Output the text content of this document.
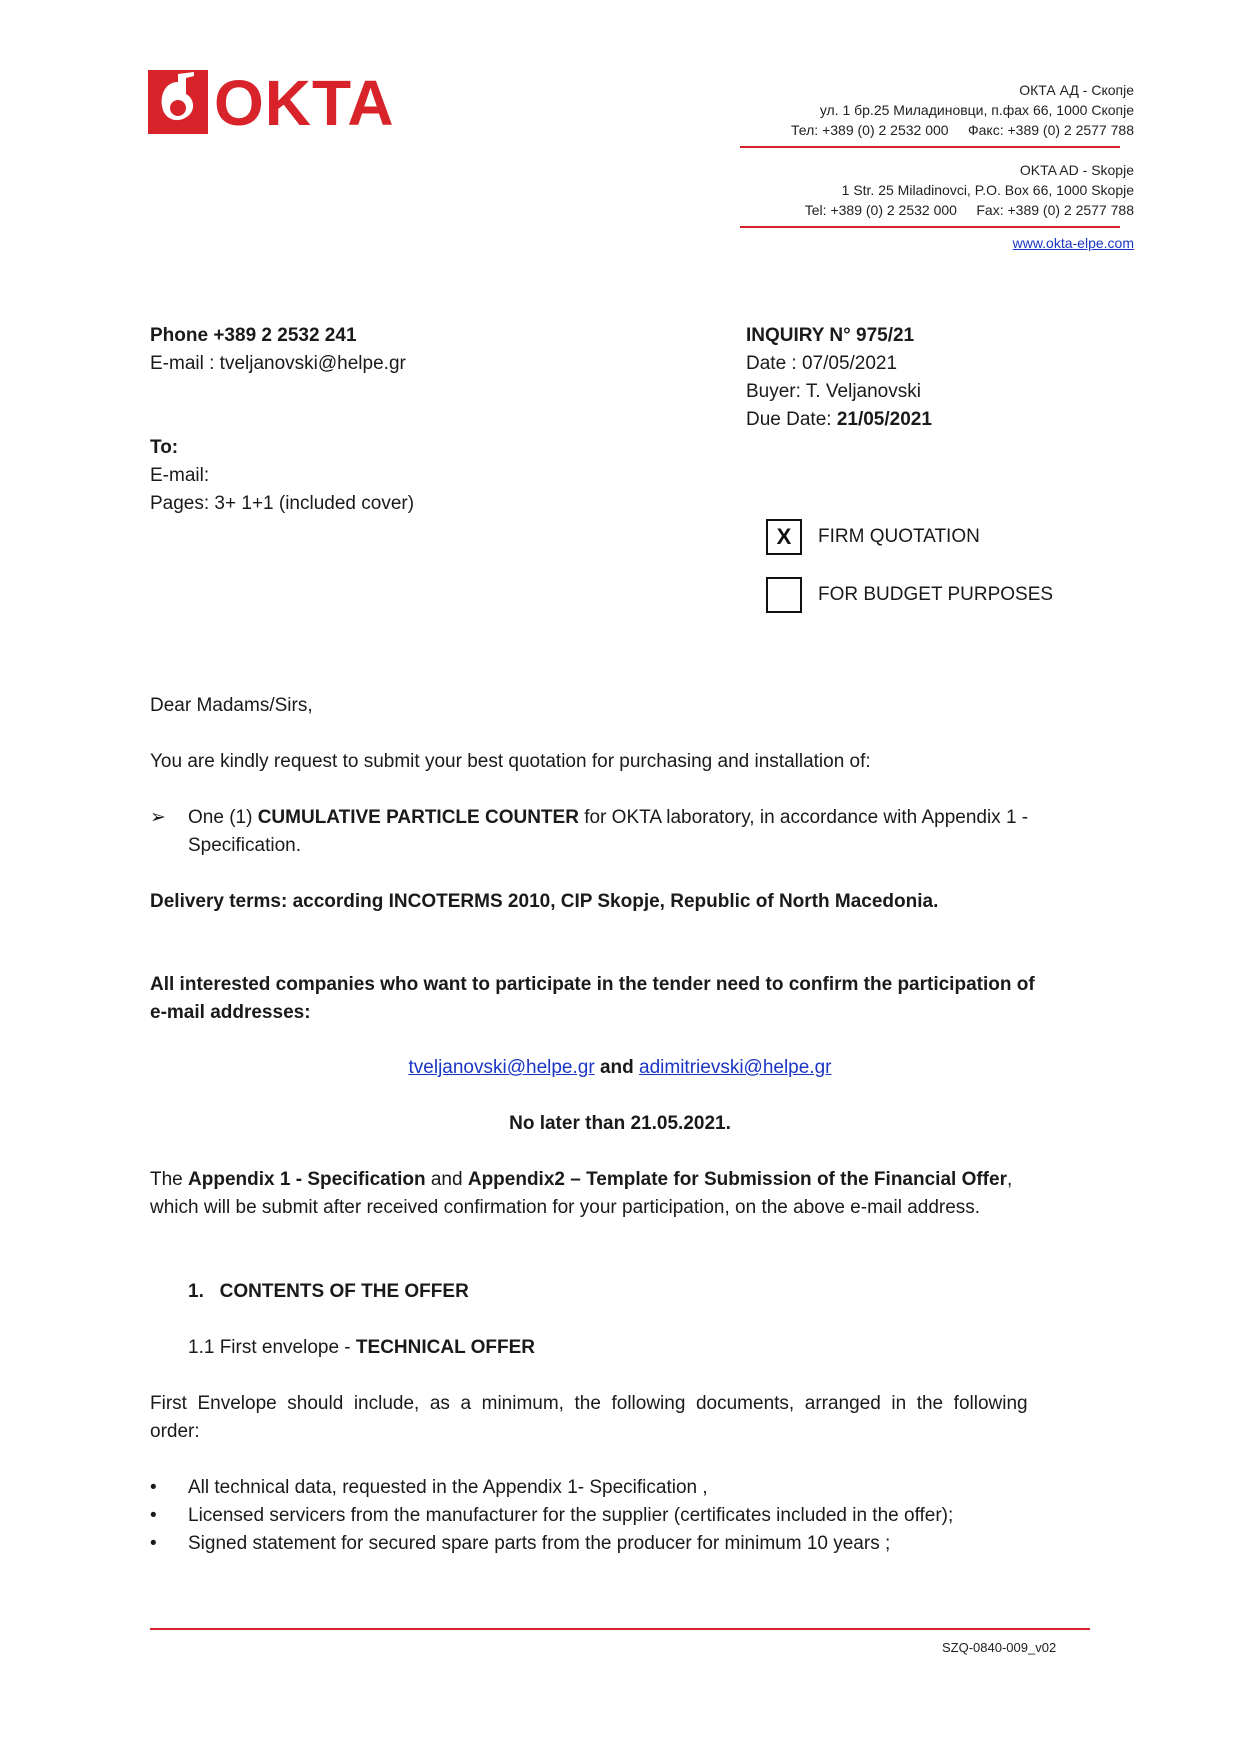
OKTA	ОКТА АД - Скопје
ул. 1 бр.25 Миладиновци, п.фах 66, 1000 Скопје
Тел: +389 (0) 2 2532 000     Факс: +389 (0) 2 2577 788
OKTA AD - Skopje
1 Str. 25 Miladinovci, P.O. Box 66, 1000 Skopje
Tel: +389 (0) 2 2532 000     Fax: +389 (0) 2 2577 788
www.okta-elpe.com
Phone +389 2 2532 241
E-mail : tveljanovski@helpe.gr
INQUIRY N° 975/21
Date : 07/05/2021
Buyer: T. Veljanovski
Due Date: 21/05/2021
To:
E-mail:
Pages: 3+ 1+1 (included cover)
X	FIRM QUOTATION
FOR BUDGET PURPOSES
Dear Madams/Sirs,
You are kindly request to submit your best quotation for purchasing and installation of:
➢ One (1) CUMULATIVE PARTICLE COUNTER for OKTA laboratory, in accordance with Appendix 1 -
Specification.
Delivery terms: according INCOTERMS 2010, CIP Skopje, Republic of North Macedonia.
All interested companies who want to participate in the tender need to confirm the participation of
e-mail addresses:
tveljanovski@helpe.gr and adimitrievski@helpe.gr
No later than 21.05.2021.
The Appendix 1 - Specification and Appendix2 – Template for Submission of the Financial Offer,
which will be submit after received confirmation for your participation, on the above e-mail address.
1.   CONTENTS OF THE OFFER
1.1 First envelope - TECHNICAL OFFER
First  Envelope  should  include,  as  a  minimum,  the  following  documents,  arranged  in  the  following
order:
• All technical data, requested in the Appendix 1- Specification ,
• Licensed servicers from the manufacturer for the supplier (certificates included in the offer);
• Signed statement for secured spare parts from the producer for minimum 10 years ;
SZQ-0840-009_v02
